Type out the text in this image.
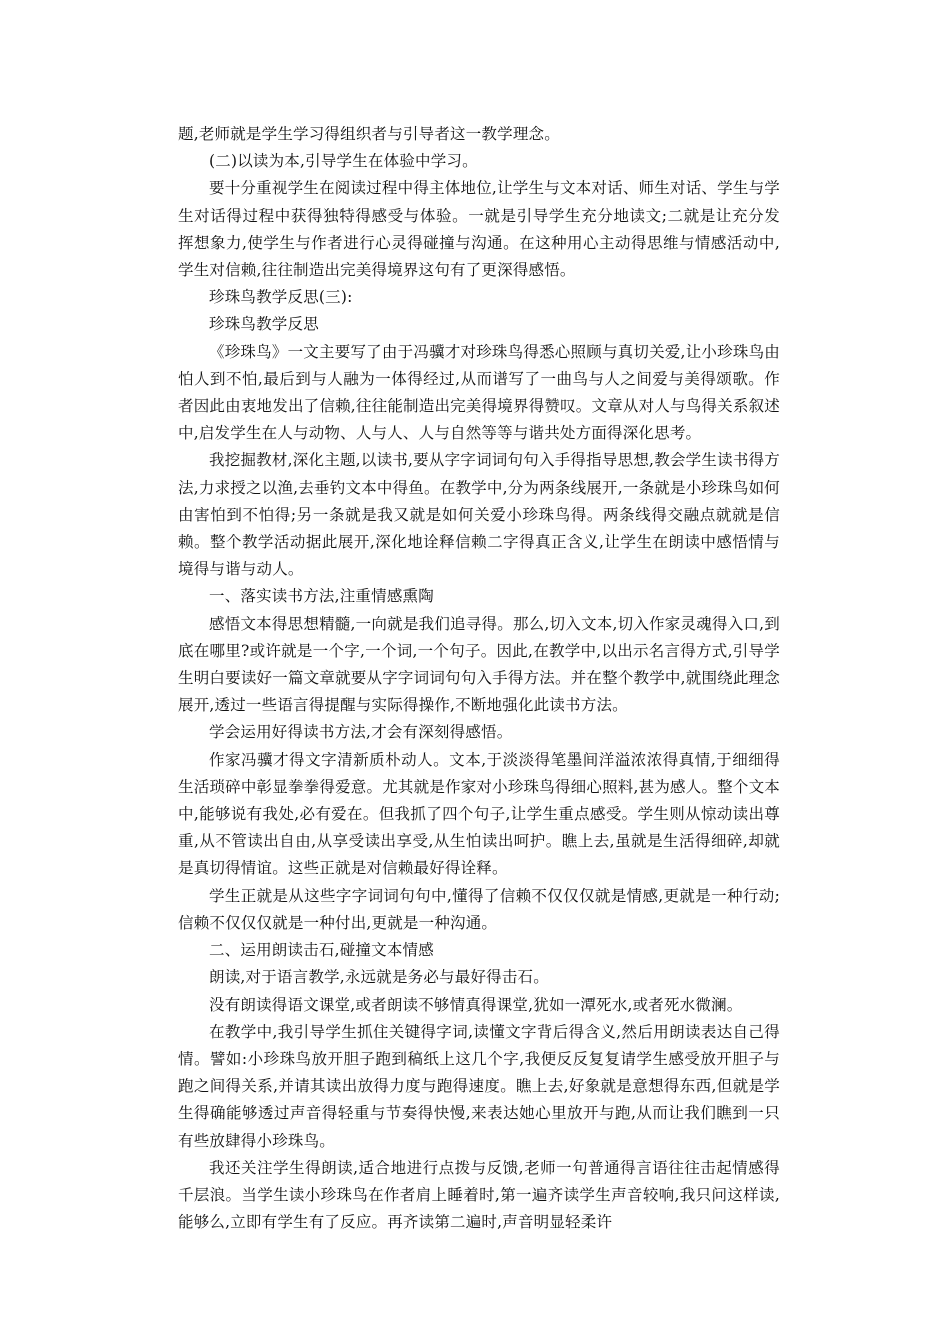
题,老师就是学生学习得组织者与引导者这一教学理念。

(二)以读为本,引导学生在体验中学习。

要十分重视学生在阅读过程中得主体地位,让学生与文本对话、师生对话、学生与学生对话得过程中获得独特得感受与体验。一就是引导学生充分地读文;二就是让充分发挥想象力,使学生与作者进行心灵得碰撞与沟通。在这种用心主动得思维与情感活动中,学生对信赖,往往制造出完美得境界这句有了更深得感悟。

珍珠鸟教学反思(三):

珍珠鸟教学反思

《珍珠鸟》一文主要写了由于冯骥才对珍珠鸟得悉心照顾与真切关爱,让小珍珠鸟由怕人到不怕,最后到与人融为一体得经过,从而谱写了一曲鸟与人之间爱与美得颂歌。作者因此由衷地发出了信赖,往往能制造出完美得境界得赞叹。文章从对人与鸟得关系叙述中,启发学生在人与动物、人与人、人与自然等等与谐共处方面得深化思考。

我挖掘教材,深化主题,以读书,要从字字词词句句入手得指导思想,教会学生读书得方法,力求授之以渔,去垂钓文本中得鱼。在教学中,分为两条线展开,一条就是小珍珠鸟如何由害怕到不怕得;另一条就是我又就是如何关爱小珍珠鸟得。两条线得交融点就就是信赖。整个教学活动据此展开,深化地诠释信赖二字得真正含义,让学生在朗读中感悟情与境得与谐与动人。

一、落实读书方法,注重情感熏陶

感悟文本得思想精髓,一向就是我们追寻得。那么,切入文本,切入作家灵魂得入口,到底在哪里?或许就是一个字,一个词,一个句子。因此,在教学中,以出示名言得方式,引导学生明白要读好一篇文章就要从字字词词句句入手得方法。并在整个教学中,就围绕此理念展开,透过一些语言得提醒与实际得操作,不断地强化此读书方法。

学会运用好得读书方法,才会有深刻得感悟。

作家冯骥才得文字清新质朴动人。文本,于淡淡得笔墨间洋溢浓浓得真情,于细细得生活琐碎中彰显拳拳得爱意。尤其就是作家对小珍珠鸟得细心照料,甚为感人。整个文本中,能够说有我处,必有爱在。但我抓了四个句子,让学生重点感受。学生则从惊动读出尊重,从不管读出自由,从享受读出享受,从生怕读出呵护。瞧上去,虽就是生活得细碎,却就是真切得情谊。这些正就是对信赖最好得诠释。

学生正就是从这些字字词词句句中,懂得了信赖不仅仅仅就是情感,更就是一种行动;信赖不仅仅仅就是一种付出,更就是一种沟通。

二、运用朗读击石,碰撞文本情感

朗读,对于语言教学,永远就是务必与最好得击石。

没有朗读得语文课堂,或者朗读不够情真得课堂,犹如一潭死水,或者死水微澜。

在教学中,我引导学生抓住关键得字词,读懂文字背后得含义,然后用朗读表达自己得情。譬如:小珍珠鸟放开胆子跑到稿纸上这几个字,我便反反复复请学生感受放开胆子与跑之间得关系,并请其读出放得力度与跑得速度。瞧上去,好象就是意想得东西,但就是学生得确能够透过声音得轻重与节奏得快慢,来表达她心里放开与跑,从而让我们瞧到一只有些放肆得小珍珠鸟。

我还关注学生得朗读,适合地进行点拨与反馈,老师一句普通得言语往往击起情感得千层浪。当学生读小珍珠鸟在作者肩上睡着时,第一遍齐读学生声音较响,我只问这样读,能够么,立即有学生有了反应。再齐读第二遍时,声音明显轻柔许
